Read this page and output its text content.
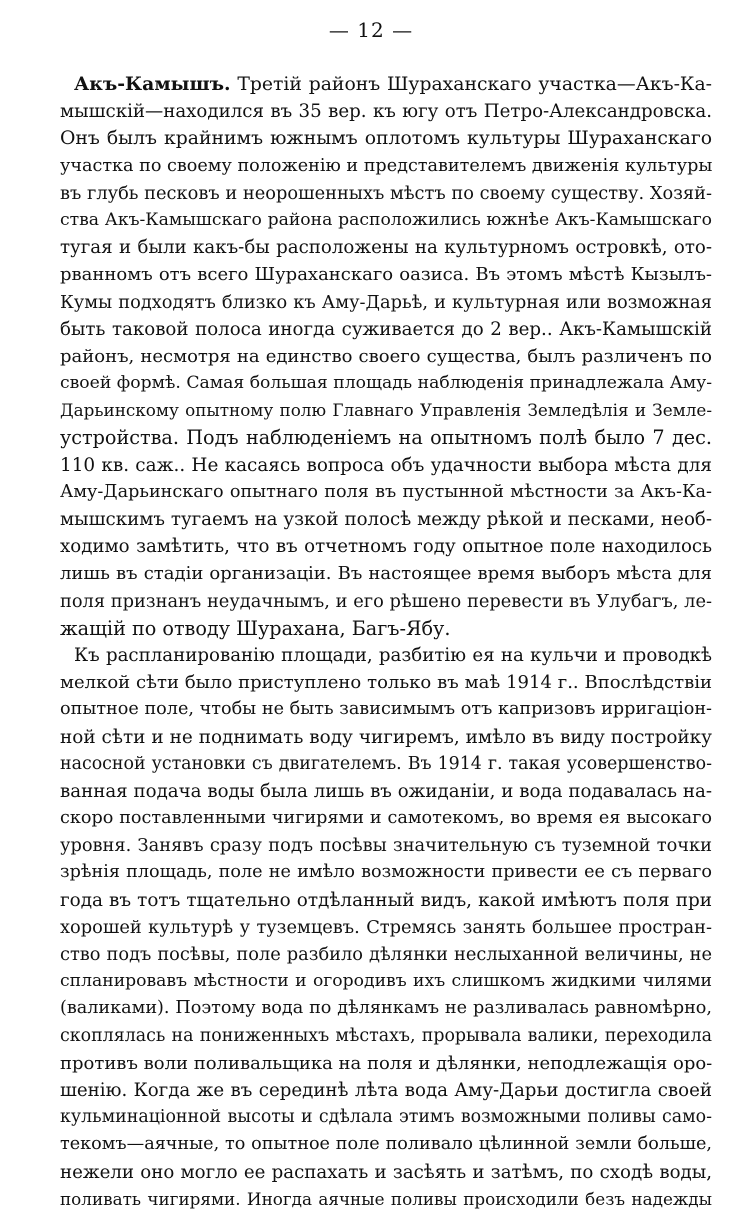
— 12 —
Акъ-Камышъ. Третій районъ Шураханскаго участка—Акъ-Ка-
мышскій—находился въ 35 вер. къ югу отъ Петро-Александровска.
Онъ былъ крайнимъ южнымъ оплотомъ культуры Шураханскаго
участка по своему положенію и представителемъ движенія культуры
въ глубь песковъ и неорошенныхъ мѣстъ по своему существу. Хозяй-
ства Акъ-Камышскаго района расположились южнѣе Акъ-Камышскаго
тугая и были какъ-бы расположены на культурномъ островкѣ, ото-
рванномъ отъ всего Шураханскаго оазиса. Въ этомъ мѣстѣ Кызылъ-
Кумы подходятъ близко къ Аму-Дарьѣ, и культурная или возможная
быть таковой полоса иногда суживается до 2 вер.. Акъ-Камышскій
районъ, несмотря на единство своего существа, былъ различенъ по
своей формѣ. Самая большая площадь наблюденія принадлежала Аму-
Дарьинскому опытному полю Главнаго Управленія Земледѣлія и Земле-
устройства. Подъ наблюденіемъ на опытномъ полѣ было 7 дес.
110 кв. саж.. Не касаясь вопроса объ удачности выбора мѣста для
Аму-Дарьинскаго опытнаго поля въ пустынной мѣстности за Акъ-Ка-
мышскимъ тугаемъ на узкой полосѣ между рѣкой и песками, необ-
ходимо замѣтить, что въ отчетномъ году опытное поле находилось
лишь въ стадіи организаціи. Въ настоящее время выборъ мѣста для
поля признанъ неудачнымъ, и его рѣшено перевести въ Улубагъ, ле-
жащій по отводу Шурахана, Багъ-Ябу.
Къ распланированію площади, разбитію ея на кульчи и проводкѣ
мелкой сѣти было приступлено только въ маѣ 1914 г.. Впослѣдствіи
опытное поле, чтобы не быть зависимымъ отъ капризовъ ирригаціон-
ной сѣти и не поднимать воду чигиремъ, имѣло въ виду постройку
насосной установки съ двигателемъ. Въ 1914 г. такая усовершенство-
ванная подача воды была лишь въ ожиданіи, и вода подавалась на-
скоро поставленными чигирями и самотекомъ, во время ея высокаго
уровня. Занявъ сразу подъ посѣвы значительную съ туземной точки
зрѣнія площадь, поле не имѣло возможности привести ее съ перваго
года въ тотъ тщательно отдѣланный видъ, какой имѣютъ поля при
хорошей культурѣ у туземцевъ. Стремясь занять большее простран-
ство подъ посѣвы, поле разбило дѣлянки неслыханной величины, не
спланировавъ мѣстности и огородивъ ихъ слишкомъ жидкими чилями
(валиками). Поэтому вода по дѣлянкамъ не разливалась равномѣрно,
скоплялась на пониженныхъ мѣстахъ, прорывала валики, переходила
противъ воли поливальщика на поля и дѣлянки, неподлежащія оро-
шенію. Когда же въ серединѣ лѣта вода Аму-Дарьи достигла своей
кульминаціонной высоты и сдѣлала этимъ возможными поливы само-
текомъ—аячные, то опытное поле поливало цѣлинной земли больше,
нежели оно могло ее распахать и засѣять и затѣмъ, по сходѣ воды,
поливать чигирями. Иногда аячные поливы происходили безъ надежды
